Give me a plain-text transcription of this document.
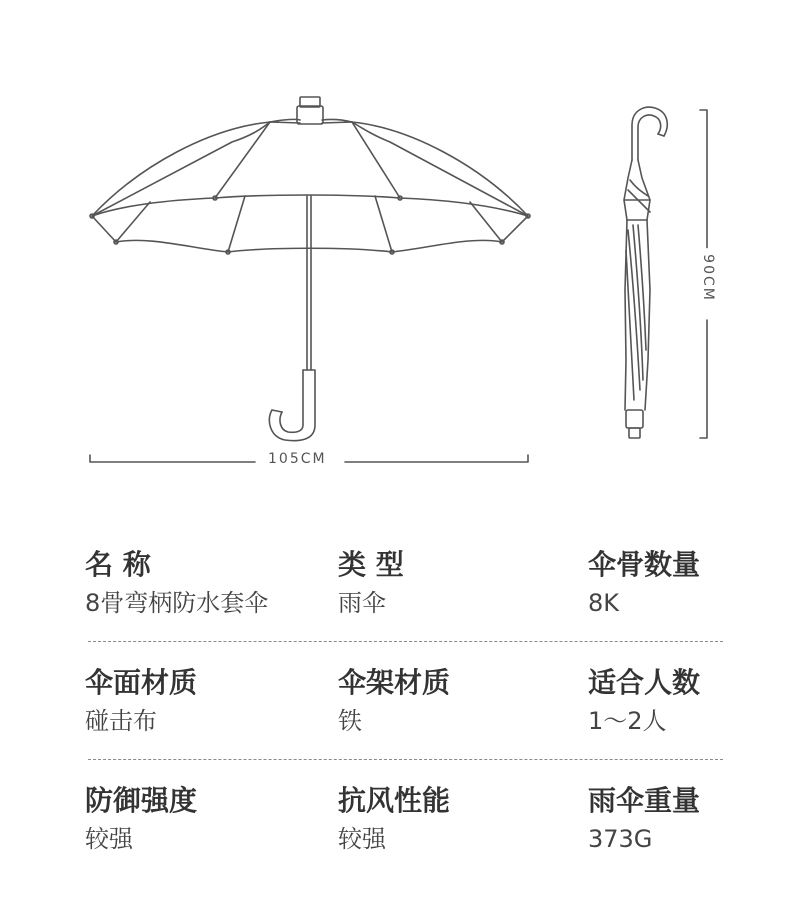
105CM
90CM
名 称
8骨弯柄防水套伞
类 型
雨伞
伞骨数量
8K
伞面材质
碰击布
伞架材质
铁
适合人数
1～2人
防御强度
较强
抗风性能
较强
雨伞重量
373G
